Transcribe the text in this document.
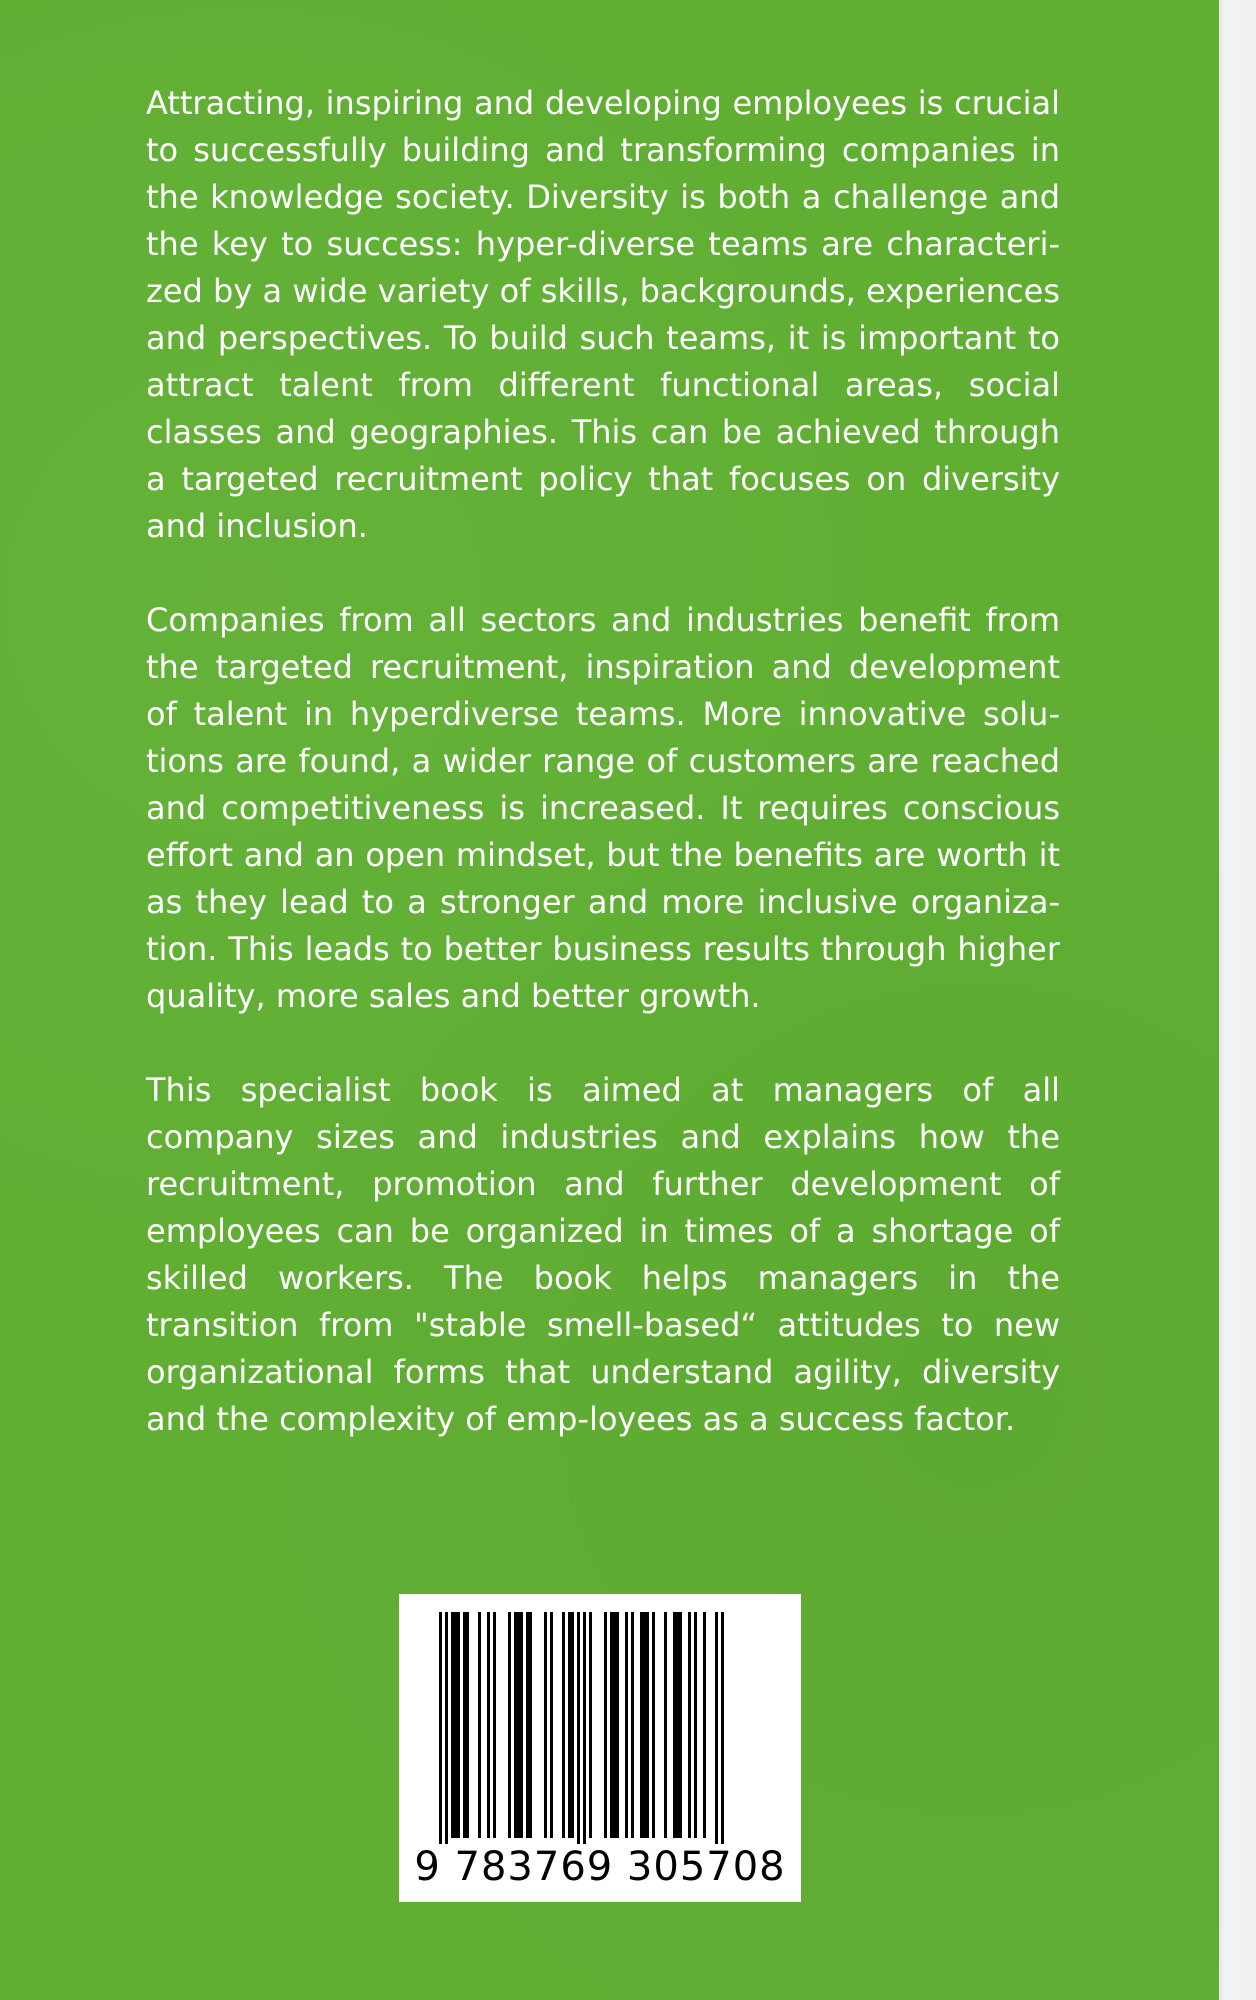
Attracting, inspiring and developing employees is crucial to successfully building and transforming companies in the knowledge society. Diversity is both a challenge and the key to success: hyper-diverse teams are characteri-zed by a wide variety of skills, backgrounds, experiences and perspectives. To build such teams, it is important to attract talent from different functional areas, social classes and geographies. This can be achieved through a targeted recruitment policy that focuses on diversity and inclusion.

Companies from all sectors and industries benefit from the targeted recruitment, inspiration and development of talent in hyperdiverse teams. More innovative solu-tions are found, a wider range of customers are reached and competitiveness is increased. It requires conscious effort and an open mindset, but the benefits are worth it as they lead to a stronger and more inclusive organiza-tion. This leads to better business results through higher quality, more sales and better growth.

This specialist book is aimed at managers of all company sizes and industries and explains how the recruitment, promotion and further development of employees can be organized in times of a shortage of skilled workers. The book helps managers in the transition from "stable smell-based“ attitudes to new organizational forms that understand agility, diversity and the complexity of emp-loyees as a success factor.

9 783769 305708
